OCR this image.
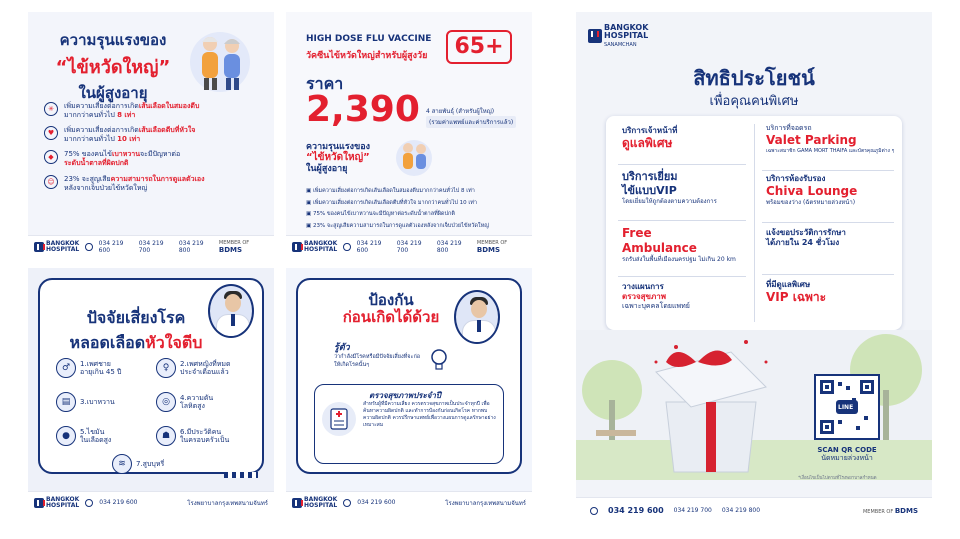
ความรุนแรงของ
“ไข้หวัดใหญ่”
ในผู้สูงอายุ
✳	เพิ่มความเสี่ยงต่อการเกิดเส้นเลือดในสมองตีบ
มากกว่าคนทั่วไป 8 เท่า
♥	เพิ่มความเสี่ยงต่อการเกิดเส้นเลือดตีบที่หัวใจ
มากกว่าคนทั่วไป 10 เท่า
◆	75% ของคนไข้เบาหวานจะมีปัญหาต่อ
ระดับน้ำตาลที่ผิดปกติ
☺	23% จะสูญเสียความสามารถในการดูแลตัวเอง
หลังจากเจ็บป่วยไข้หวัดใหญ่
BANGKOK
HOSPITAL
034 219 600
034 219 700
034 219 800
MEMBER OF BDMS
HIGH DOSE FLU VACCINE
วัคซีนไข้หวัดใหญ่สำหรับผู้สูงวัย	65+
ราคา
2,390 4 สายพันธุ์ (สำหรับผู้ใหญ่)
(รวมค่าแพทย์และค่าบริการแล้ว)
ความรุนแรงของ
“ไข้หวัดใหญ่”
ในผู้สูงอายุ
▣ เพิ่มความเสี่ยงต่อการเกิดเส้นเลือดในสมองตีบมากกว่าคนทั่วไป 8 เท่า
▣ เพิ่มความเสี่ยงต่อการเกิดเส้นเลือดตีบที่หัวใจ มากกว่าคนทั่วไป 10 เท่า
▣ 75% ของคนไข้เบาหวานจะมีปัญหาต่อระดับน้ำตาลที่ผิดปกติ
▣ 23% จะสูญเสียความสามารถในการดูแลตัวเองหลังจากเจ็บป่วยไข้หวัดใหญ่
BANGKOK
HOSPITAL
034 219 600
034 219 700
034 219 800
MEMBER OF BDMS
ปัจจัยเสี่ยงโรค
หลอดเลือดหัวใจตีบ
♂	1.เพศชาย
อายุเกิน 45 ปี	♀	2.เพศหญิงที่หมด
ประจำเดือนแล้ว
▤	3.เบาหวาน	◎	4.ความดัน
โลหิตสูง
●	5.ไขมัน
ในเลือดสูง	☗	6.มีประวัติคน
ในครอบครัวเป็น
≋	7.สูบบุหรี่
BANGKOK
HOSPITAL	034 219 600	โรงพยาบาลกรุงเทพสนามจันทร์
ป้องกัน
ก่อนเกิดได้ด้วย
รู้ตัว
ว่ากำลังมีโรคหรือมีปัจจัยเสี่ยงที่จะก่อให้เกิดโรคนั้นๆ
ตรวจสุขภาพประจำปี
สำหรับผู้ที่มีความเสี่ยง ควรตรวจสุขภาพเป็นประจำทุกปี เพื่อค้นหาความผิดปกติ และทำการป้องกันก่อนเกิดโรค หากพบความผิดปกติ ควรปรึกษาแพทย์เพื่อวางแผนการดูแลรักษาอย่างเหมาะสม
BANGKOK
HOSPITAL	034 219 600	โรงพยาบาลกรุงเทพสนามจันทร์
BANGKOK
HOSPITAL
SANAMCHAN
สิทธิประโยชน์
เพื่อคุณคนพิเศษ
บริการเจ้าหน้าที่
ดูแลพิเศษ
บริการเยี่ยม
ไข้แบบVIP
โดยเยี่ยมให้ถูกต้องตามความต้องการ
Free
Ambulance
รถรับส่งในพื้นที่เมืองนครปฐม ไม่เกิน 20 km
วางแผนการ
ตรวจสุขภาพ
เฉพาะบุคคลโดยแพทย์
บริการที่จอดรถ
Valet Parking
เฉพาะสมาชิก GAMA MORT THAIFA และบัตรคุณภูมิต่าง ๆ
บริการห้องรับรอง
Chiva Lounge
พร้อมของว่าง (ฉัตรหมายล่วงหน้า)
แจ้งขอประวัติการรักษา
ได้ภายใน 24 ชั่วโมง
ที่มีดูแลพิเศษ
VIP เฉพาะ
LINE
SCAN QR CODE
นัดหมายล่วงหน้า
*เงื่อนไขเป็นไปตามที่โรงพยาบาลกำหนด
034 219 600 034 219 700 034 219 800	MEMBER OF BDMS
